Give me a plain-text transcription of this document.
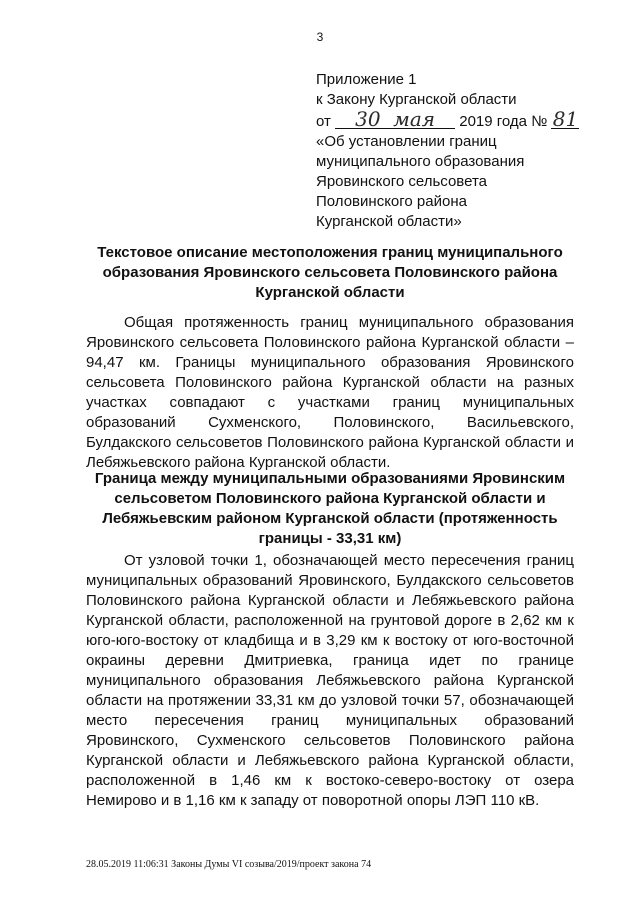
3
Приложение 1
к Закону Курганской области
от 30 мая 2019 года № 81
«Об установлении границ
муниципального образования
Яровинского сельсовета
Половинского района
Курганской области»
Текстовое описание местоположения границ муниципального образования Яровинского сельсовета Половинского района Курганской области
Общая протяженность границ муниципального образования Яровинского сельсовета Половинского района Курганской области – 94,47 км. Границы муниципального образования Яровинского сельсовета Половинского района Курганской области на разных участках совпадают с участками границ муниципальных образований Сухменского, Половинского, Васильевского, Булдакского сельсоветов Половинского района Курганской области и Лебяжьевского района Курганской области.
Граница между муниципальными образованиями Яровинским сельсоветом Половинского района Курганской области и Лебяжьевским районом Курганской области (протяженность границы - 33,31 км)
От узловой точки 1, обозначающей место пересечения границ муниципальных образований Яровинского, Булдакского сельсоветов Половинского района Курганской области и Лебяжьевского района Курганской области, расположенной на грунтовой дороге в 2,62 км к юго-юго-востоку от кладбища и в 3,29 км к востоку от юго-восточной окраины деревни Дмитриевка, граница идет по границе муниципального образования Лебяжьевского района Курганской области на протяжении 33,31 км до узловой точки 57, обозначающей место пересечения границ муниципальных образований Яровинского, Сухменского сельсоветов Половинского района Курганской области и Лебяжьевского района Курганской области, расположенной в 1,46 км к востоко-северо-востоку от озера Немирово и в 1,16 км к западу от поворотной опоры ЛЭП 110 кВ.
28.05.2019 11:06:31 Законы Думы VI созыва/2019/проект закона 74
